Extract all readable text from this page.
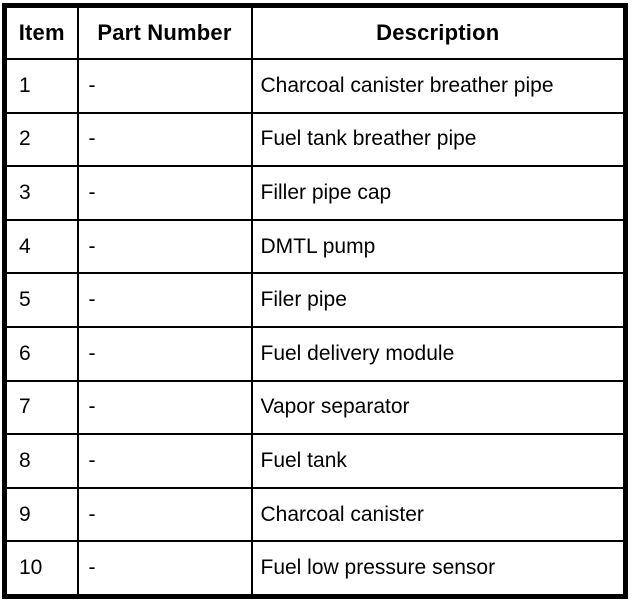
Item	Part Number	Description
1	-	Charcoal canister breather pipe
2	-	Fuel tank breather pipe
3	-	Filler pipe cap
4	-	DMTL pump
5	-	Filer pipe
6	-	Fuel delivery module
7	-	Vapor separator
8	-	Fuel tank
9	-	Charcoal canister
10	-	Fuel low pressure sensor
